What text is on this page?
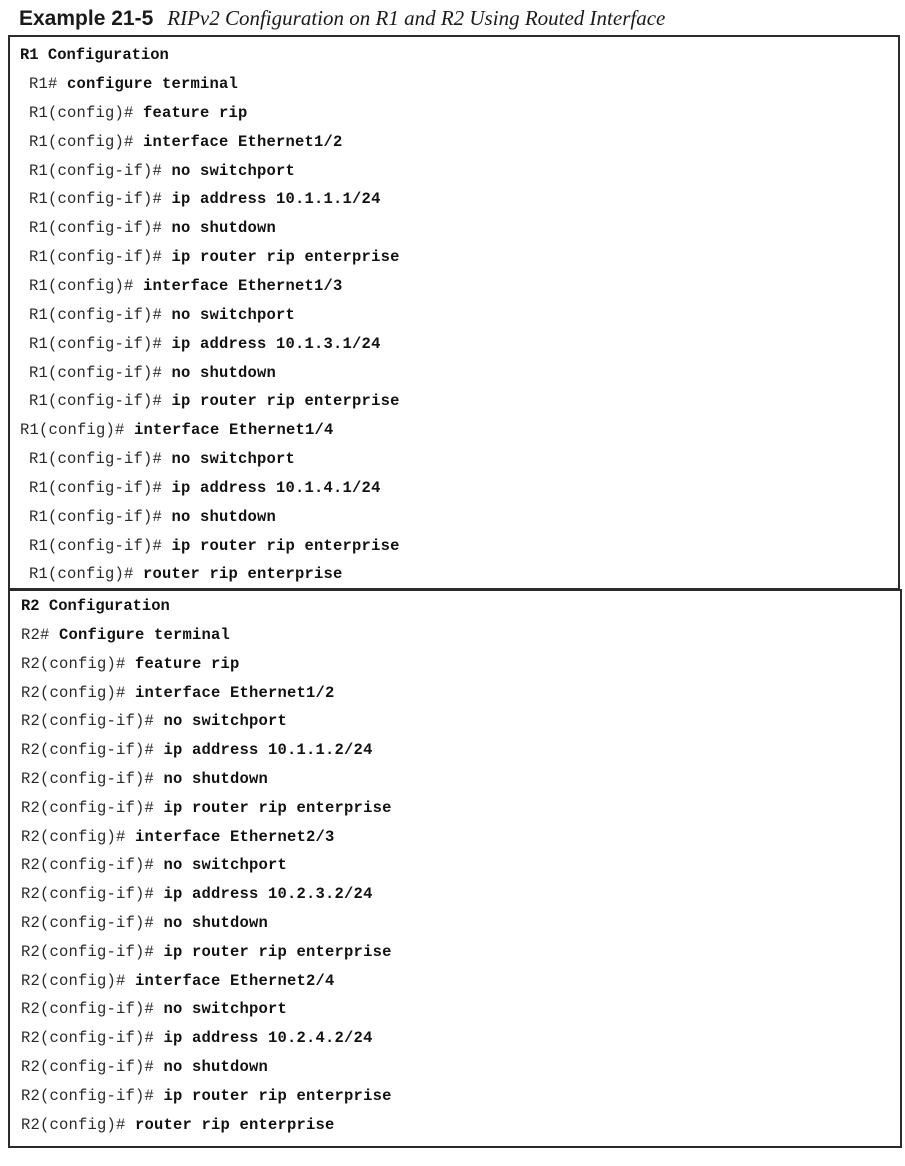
Example 21-5 RIPv2 Configuration on R1 and R2 Using Routed Interface
R1 Configuration
R1# configure terminal
R1(config)# feature rip
R1(config)# interface Ethernet1/2
R1(config-if)# no switchport
R1(config-if)# ip address 10.1.1.1/24
R1(config-if)# no shutdown
R1(config-if)# ip router rip enterprise
R1(config)# interface Ethernet1/3
R1(config-if)# no switchport
R1(config-if)# ip address 10.1.3.1/24
R1(config-if)# no shutdown
R1(config-if)# ip router rip enterprise
R1(config)# interface Ethernet1/4
R1(config-if)# no switchport
R1(config-if)# ip address 10.1.4.1/24
R1(config-if)# no shutdown
R1(config-if)# ip router rip enterprise
R1(config)# router rip enterprise
R2 Configuration
R2# Configure terminal
R2(config)# feature rip
R2(config)# interface Ethernet1/2
R2(config-if)# no switchport
R2(config-if)# ip address 10.1.1.2/24
R2(config-if)# no shutdown
R2(config-if)# ip router rip enterprise
R2(config)# interface Ethernet2/3
R2(config-if)# no switchport
R2(config-if)# ip address 10.2.3.2/24
R2(config-if)# no shutdown
R2(config-if)# ip router rip enterprise
R2(config)# interface Ethernet2/4
R2(config-if)# no switchport
R2(config-if)# ip address 10.2.4.2/24
R2(config-if)# no shutdown
R2(config-if)# ip router rip enterprise
R2(config)# router rip enterprise
